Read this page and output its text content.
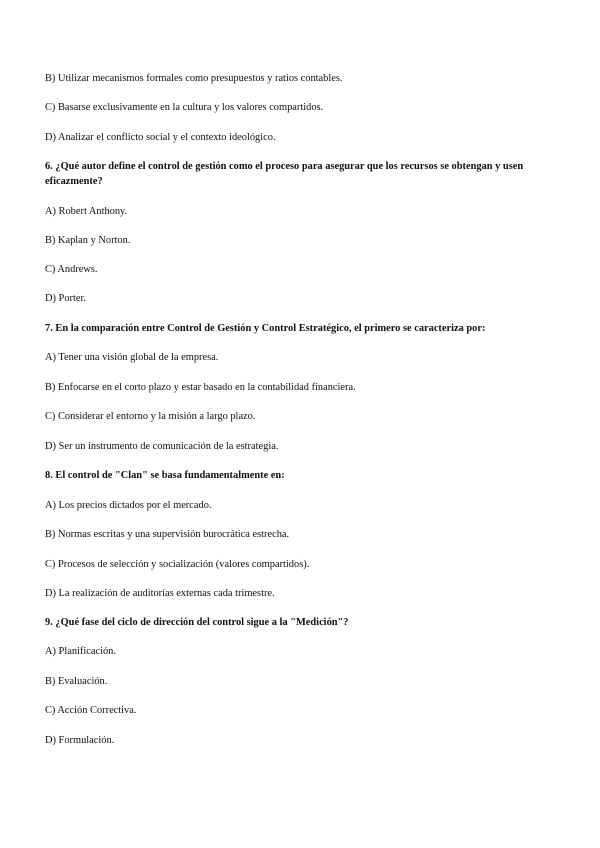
B) Utilizar mecanismos formales como presupuestos y ratios contables.
C) Basarse exclusivamente en la cultura y los valores compartidos.
D) Analizar el conflicto social y el contexto ideológico.
6. ¿Qué autor define el control de gestión como el proceso para asegurar que los recursos se obtengan y usen eficazmente?
A) Robert Anthony.
B) Kaplan y Norton.
C) Andrews.
D) Porter.
7. En la comparación entre Control de Gestión y Control Estratégico, el primero se caracteriza por:
A) Tener una visión global de la empresa.
B) Enfocarse en el corto plazo y estar basado en la contabilidad financiera.
C) Considerar el entorno y la misión a largo plazo.
D) Ser un instrumento de comunicación de la estrategia.
8. El control de "Clan" se basa fundamentalmente en:
A) Los precios dictados por el mercado.
B) Normas escritas y una supervisión burocrática estrecha.
C) Procesos de selección y socialización (valores compartidos).
D) La realización de auditorías externas cada trimestre.
9. ¿Qué fase del ciclo de dirección del control sigue a la "Medición"?
A) Planificación.
B) Evaluación.
C) Acción Correctiva.
D) Formulación.
